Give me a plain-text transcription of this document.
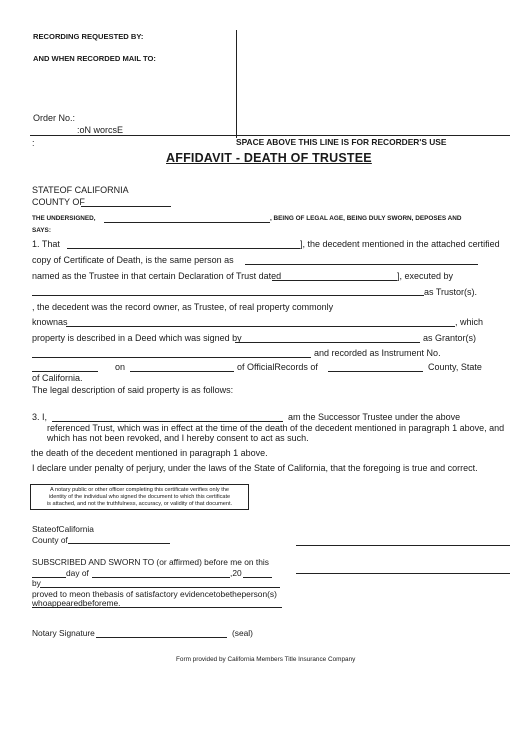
RECORDING REQUESTED BY:
AND WHEN RECORDED MAIL TO:
Order No.:
:oN worcsE
:	SPACE ABOVE THIS LINE IS FOR RECORDER'S USE
AFFIDAVIT - DEATH OF TRUSTEE
STATEOF CALIFORNIA
COUNTY OF
THE UNDERSIGNED,	, BEING OF LEGAL AGE, BEING DULY SWORN, DEPOSES AND
SAYS:
1. That	], the decedent mentioned in the attached certified
copy of Certificate of Death, is the same person as
named as the Trustee in that certain Declaration of Trust dated	], executed by
as Trustor(s).
, the decedent was the record owner, as Trustee, of real property commonly
knownas	, which
property is described in a Deed which was signed by	as Grantor(s)
and recorded as Instrument No.
on	of OfficialRecords of	County, State
of California.
The legal description of said property is as follows:
3. I,	am the Successor Trustee under the above
referenced Trust, which was in effect at the time of the death of the decedent mentioned in paragraph 1 above, and
which has not been revoked, and I hereby consent to act as such.
the death of the decedent mentioned in paragraph 1 above.
I declare under penalty of perjury, under the laws of the State of California, that the foregoing is true and correct.
A notary public or other officer completing this certificate verifies only the
identity of the individual who signed the document to which this certificate
is attached, and not the truthfulness, accuracy, or validity of that document.
StateofCalifornia
County of
SUBSCRIBED AND SWORN TO (or affirmed) before me on this
day of	,20
by
proved to meon thebasis of satisfactory evidencetobetheperson(s)
whoappearedbeforeme.
Notary Signature	(seal)
Form provided by California Members Title Insurance Company
